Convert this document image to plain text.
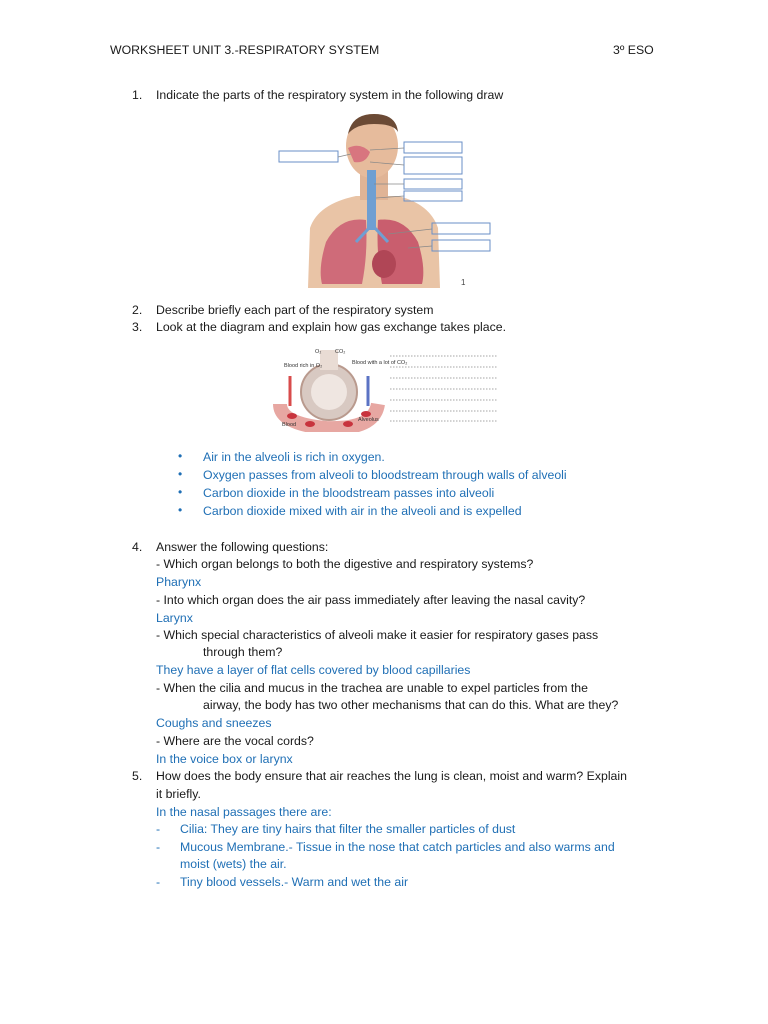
WORKSHEET UNIT 3.-RESPIRATORY SYSTEM	3º ESO
1. Indicate the parts of the respiratory system in the following draw
1
2. Describe briefly each part of the respiratory system
3. Look at the diagram and explain how gas exchange takes place.
O₂ CO₂
Blood rich in O₂	Blood with a lot of CO₂
Blood
Alveolus
• Air in the alveoli is rich in oxygen.
• Oxygen passes from alveoli to bloodstream through walls of alveoli
• Carbon dioxide in the bloodstream passes into alveoli
• Carbon dioxide mixed with air in the alveoli and is expelled
4. Answer the following questions:
- Which organ belongs to both the digestive and respiratory systems?
Pharynx
- Into which organ does the air pass immediately after leaving the nasal cavity?
Larynx
- Which special characteristics of alveoli make it easier for respiratory gases pass
through them?
They have a layer of flat cells covered by blood capillaries
- When the cilia and mucus in the trachea are unable to expel particles from the
airway, the body has two other mechanisms that can do this. What are they?
Coughs and sneezes
- Where are the vocal cords?
In the voice box or larynx
5. How does the body ensure that air reaches the lung is clean, moist and warm? Explain
it briefly.
In the nasal passages there are:
- Cilia: They are tiny hairs that filter the smaller particles of dust
- Mucous Membrane.- Tissue in the nose that catch particles and also warms and
moist (wets) the air.
- Tiny blood vessels.- Warm and wet the air
